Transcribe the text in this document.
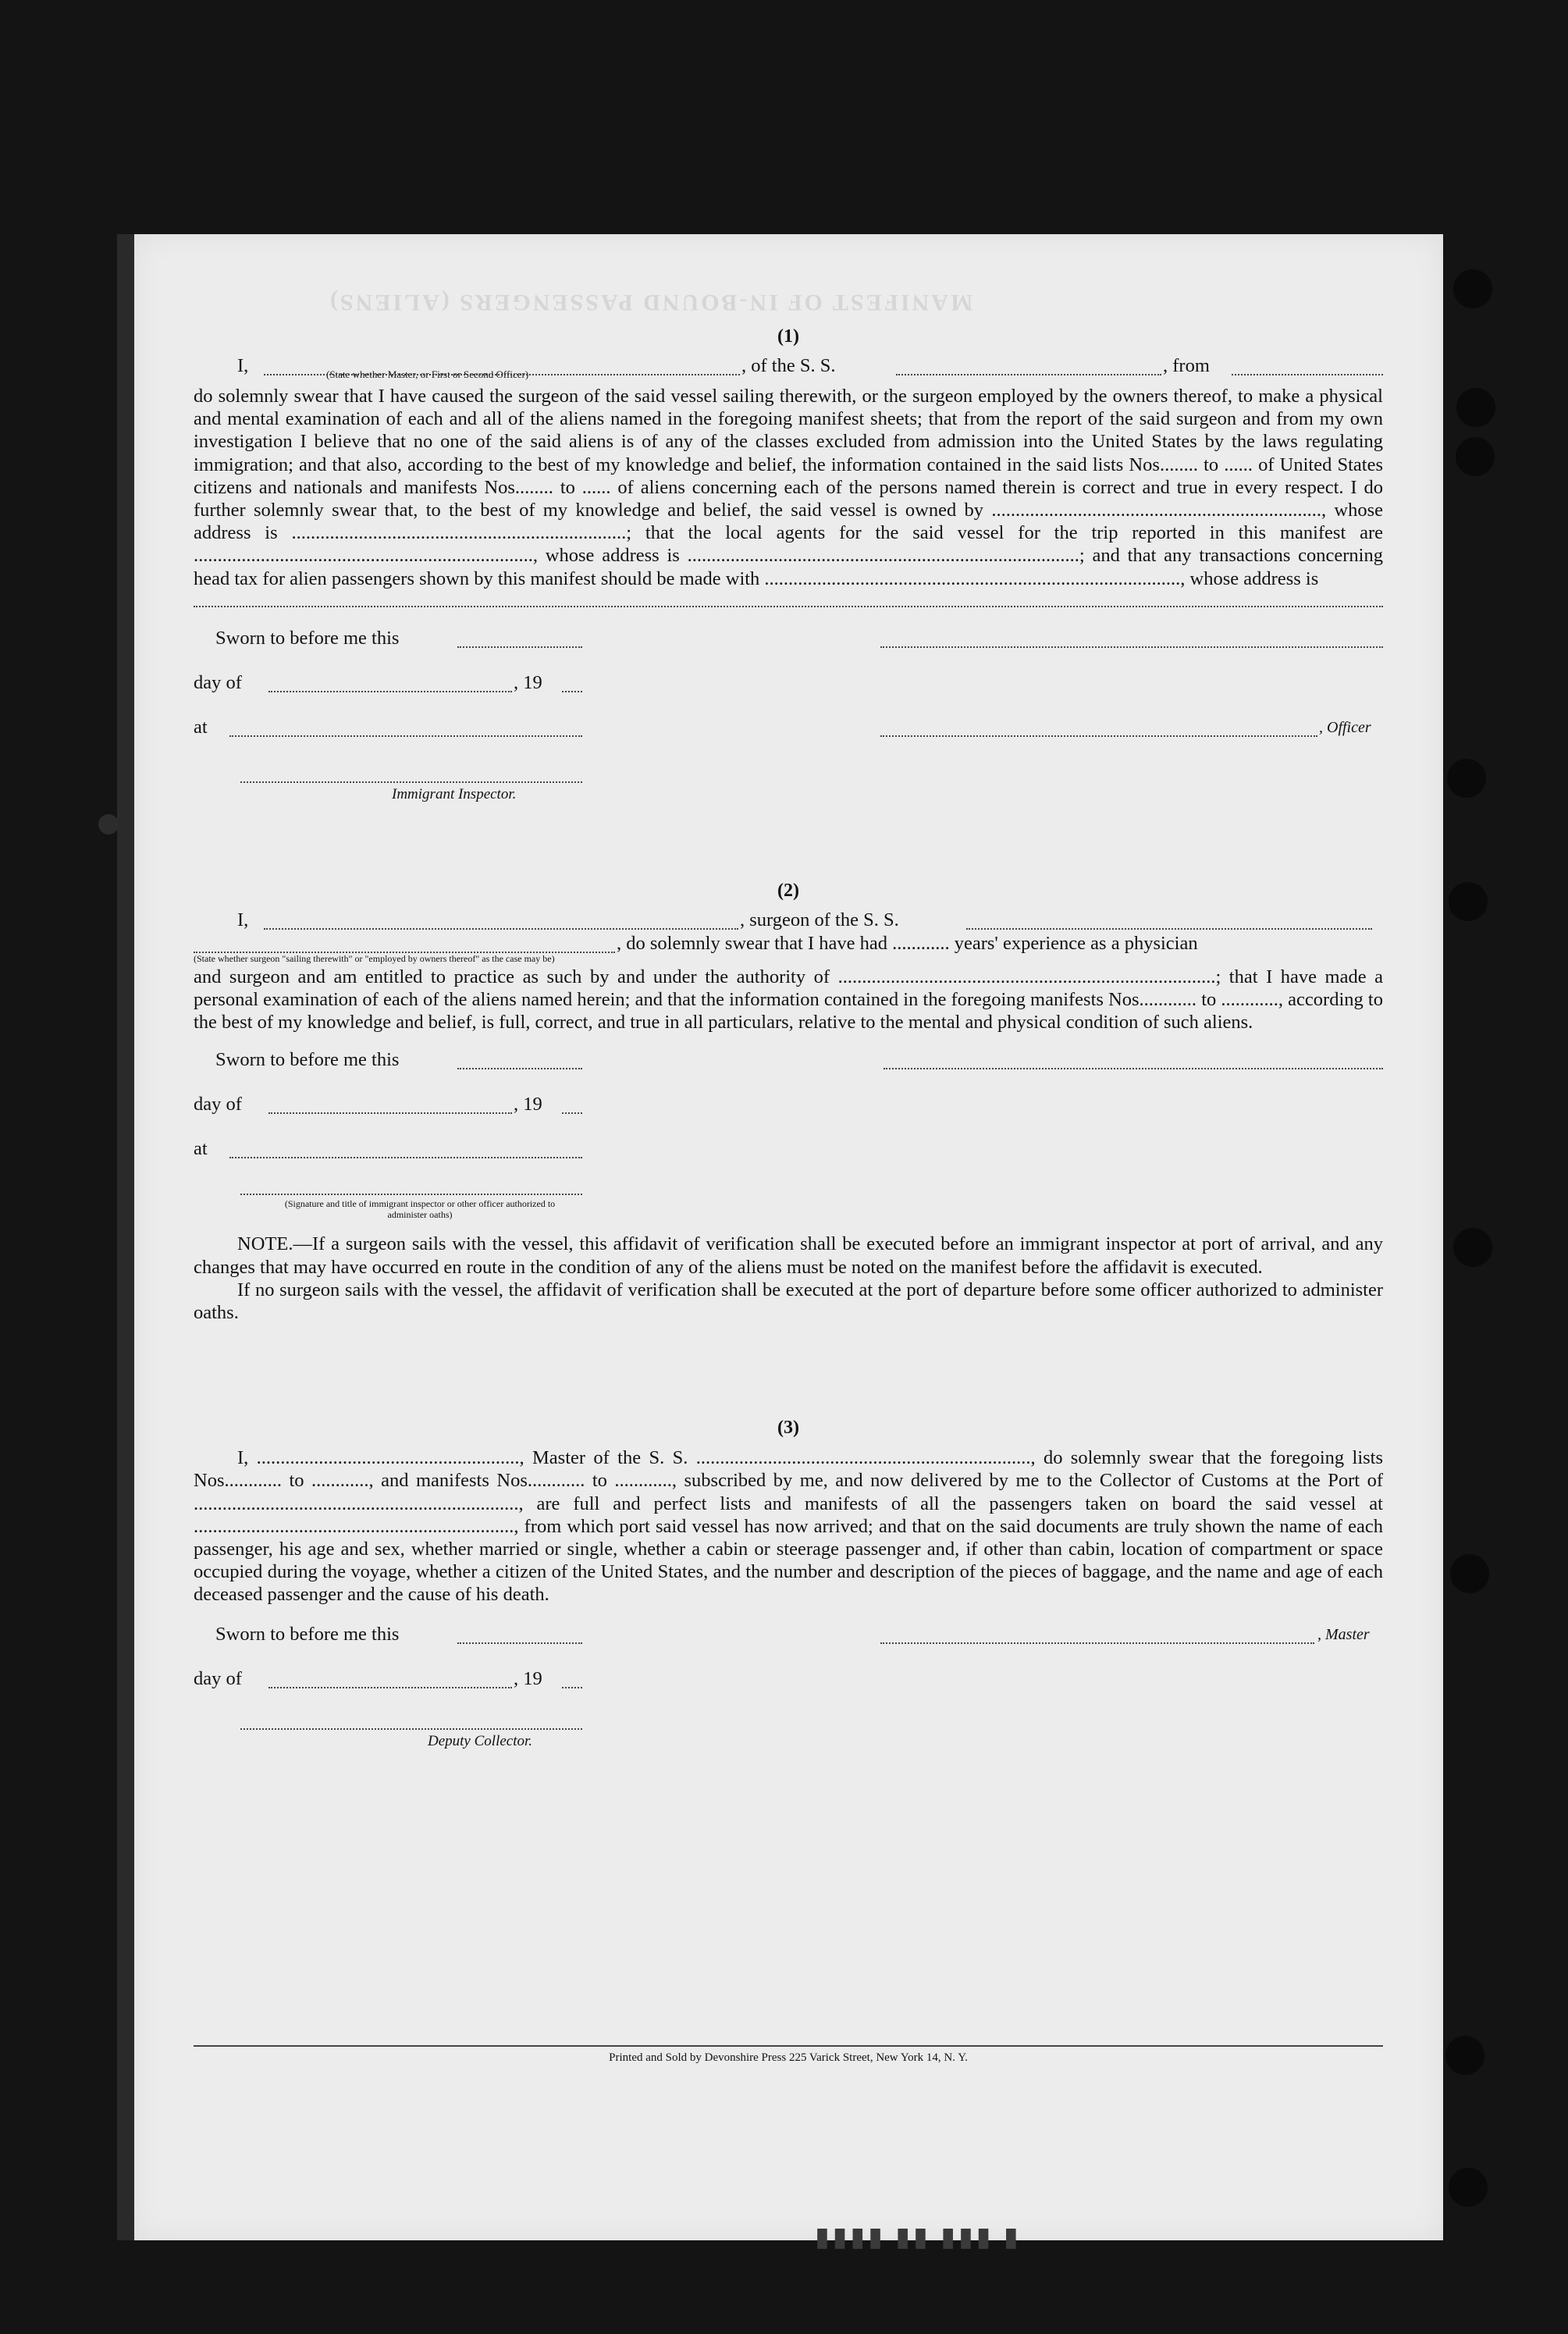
MANIFEST OF IN-BOUND PASSENGERS (ALIENS)
(1)
I,	, of the S. S.	, from
(State whether Master, or First or Second Officer)

do solemnly swear that I have caused the surgeon of the said vessel sailing therewith, or the surgeon employed by the owners thereof, to make a physical and mental examination of each and all of the aliens named in the foregoing manifest sheets; that from the report of the said surgeon and from my own investigation I believe that no one of the said aliens is of any of the classes excluded from admission into the United States by the laws regulating immigration; and that also, according to the best of my knowledge and belief, the information contained in the said lists Nos........ to ...... of United States citizens and nationals and manifests Nos........ to ...... of aliens concerning each of the persons named therein is correct and true in every respect. I do further solemnly swear that, to the best of my knowledge and belief, the said vessel is owned by ....................................................................., whose address is ......................................................................; that the local agents for the said vessel for the trip reported in this manifest are ......................................................................., whose address is ..................................................................................; and that any transactions concerning head tax for alien passengers shown by this manifest should be made with ......................................................................................., whose address is

Sworn to before me this
day of	, 19
at	, Officer
Immigrant Inspector.
(2)
I,	, surgeon of the S. S.
, do solemnly swear that I have had ............ years' experience as a physician
(State whether surgeon "sailing therewith" or "employed by owners thereof" as the case may be)

and surgeon and am entitled to practice as such by and under the authority of ...............................................................................; that I have made a personal examination of each of the aliens named herein; and that the information contained in the foregoing manifests Nos............ to ............, according to the best of my knowledge and belief, is full, correct, and true in all particulars, relative to the mental and physical condition of such aliens.

Sworn to before me this
day of	, 19
at
(Signature and title of immigrant inspector or other officer authorized to administer oaths)

NOTE.—If a surgeon sails with the vessel, this affidavit of verification shall be executed before an immigrant inspector at port of arrival, and any changes that may have occurred en route in the condition of any of the aliens must be noted on the manifest before the affidavit is executed.

If no surgeon sails with the vessel, the affidavit of verification shall be executed at the port of departure before some officer authorized to administer oaths.

(3)

I, ......................................................., Master of the S. S. ......................................................................, do solemnly swear that the foregoing lists Nos............ to ............, and manifests Nos............ to ............, subscribed by me, and now delivered by me to the Collector of Customs at the Port of ...................................................................., are full and perfect lists and manifests of all the passengers taken on board the said vessel at ..................................................................., from which port said vessel has now arrived; and that on the said documents are truly shown the name of each passenger, his age and sex, whether married or single, whether a cabin or steerage passenger and, if other than cabin, location of compartment or space occupied during the voyage, whether a citizen of the United States, and the number and description of the pieces of baggage, and the name and age of each deceased passenger and the cause of his death.

Sworn to before me this	, Master
day of	, 19
Deputy Collector.
Printed and Sold by Devonshire Press 225 Varick Street, New York 14, N. Y.
▮ ▮▮▮ ▮▮ ▮▮▮▮
